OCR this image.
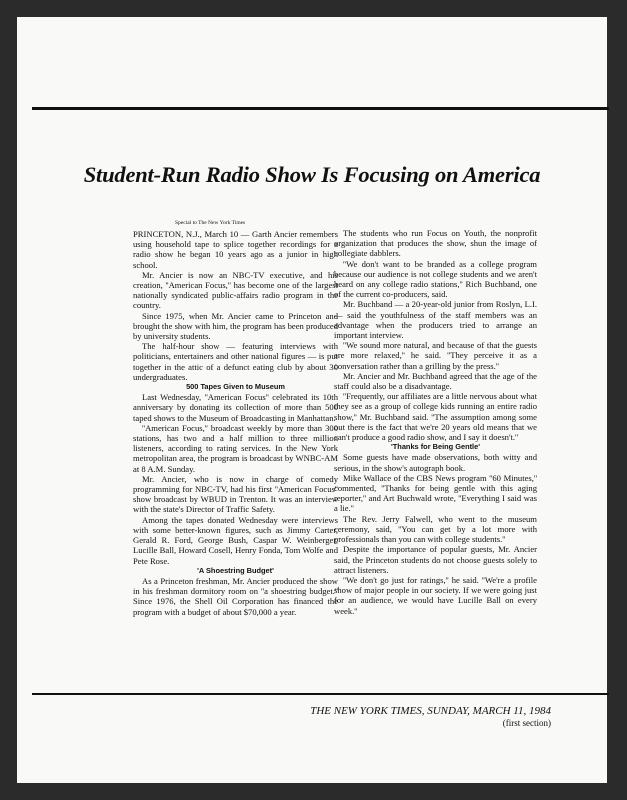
Student-Run Radio Show Is Focusing on America

Special to The New York Times

PRINCETON, N.J., March 10 — Garth Ancier remembers using household tape to splice together recordings for a radio show he began 10 years ago as a junior in high school.

Mr. Ancier is now an NBC-TV executive, and his creation, ''American Focus,'' has become one of the largest nationally syndicated public-affairs radio program in the country.

Since 1975, when Mr. Ancier came to Princeton and brought the show with him, the program has been produced by university students.

The half-hour show — featuring interviews with politicians, entertainers and other national figures — is put together in the attic of a defunct eating club by about 30 undergraduates.

500 Tapes Given to Museum

Last Wednesday, ''American Focus'' celebrated its 10th anniversary by donating its collection of more than 500 taped shows to the Museum of Broadcasting in Manhattan.

''American Focus,'' broadcast weekly by more than 300 stations, has two and a half million to three million listeners, according to rating services. In the New York metropolitan area, the program is broadcast by WNBC-AM at 8 A.M. Sunday.

Mr. Ancier, who is now in charge of comedy programming for NBC-TV, had his first ''American Focus'' show broadcast by WBUD in Trenton. It was an interview with the state's Director of Traffic Safety.

Among the tapes donated Wednesday were interviews with some better-known figures, such as Jimmy Carter, Gerald R. Ford, George Bush, Caspar W. Weinberger, Lucille Ball, Howard Cosell, Henry Fonda, Tom Wolfe and Pete Rose.

'A Shoestring Budget'

As a Princeton freshman, Mr. Ancier produced the show in his freshman dormitory room on ''a shoestring budget.'' Since 1976, the Shell Oil Corporation has financed the program with a budget of about $70,000 a year.

The students who run Focus on Youth, the nonprofit organization that produces the show, shun the image of collegiate dabblers.

''We don't want to be branded as a college program because our audience is not college students and we aren't heard on any college radio stations,'' Rich Buchband, one of the current co-producers, said.

Mr. Buchband — a 20-year-old junior from Roslyn, L.I. — said the youthfulness of the staff members was an advantage when the producers tried to arrange an important interview.

''We sound more natural, and because of that the guests are more relaxed,'' he said. ''They perceive it as a conversation rather than a grilling by the press.''

Mr. Ancier and Mr. Buchband agreed that the age of the staff could also be a disadvantage.

''Frequently, our affiliates are a little nervous about what they see as a group of college kids running an entire radio show,'' Mr. Buchband said. ''The assumption among some out there is the fact that we're 20 years old means that we can't produce a good radio show, and I say it doesn't.''

'Thanks for Being Gentle'

Some guests have made observations, both witty and serious, in the show's autograph book.

Mike Wallace of the CBS News program ''60 Minutes,'' commented, ''Thanks for being gentle with this aging reporter,'' and Art Buchwald wrote, ''Everything I said was a lie.''

The Rev. Jerry Falwell, who went to the museum ceremony, said, ''You can get by a lot more with professionals than you can with college students.''

Despite the importance of popular guests, Mr. Ancier said, the Princeton students do not choose guests solely to attract listeners.

''We don't go just for ratings,'' he said. ''We're a profile show of major people in our society. If we were going just for an audience, we would have Lucille Ball on every week.''

THE NEW YORK TIMES, SUNDAY, MARCH 11, 1984
(first section)
